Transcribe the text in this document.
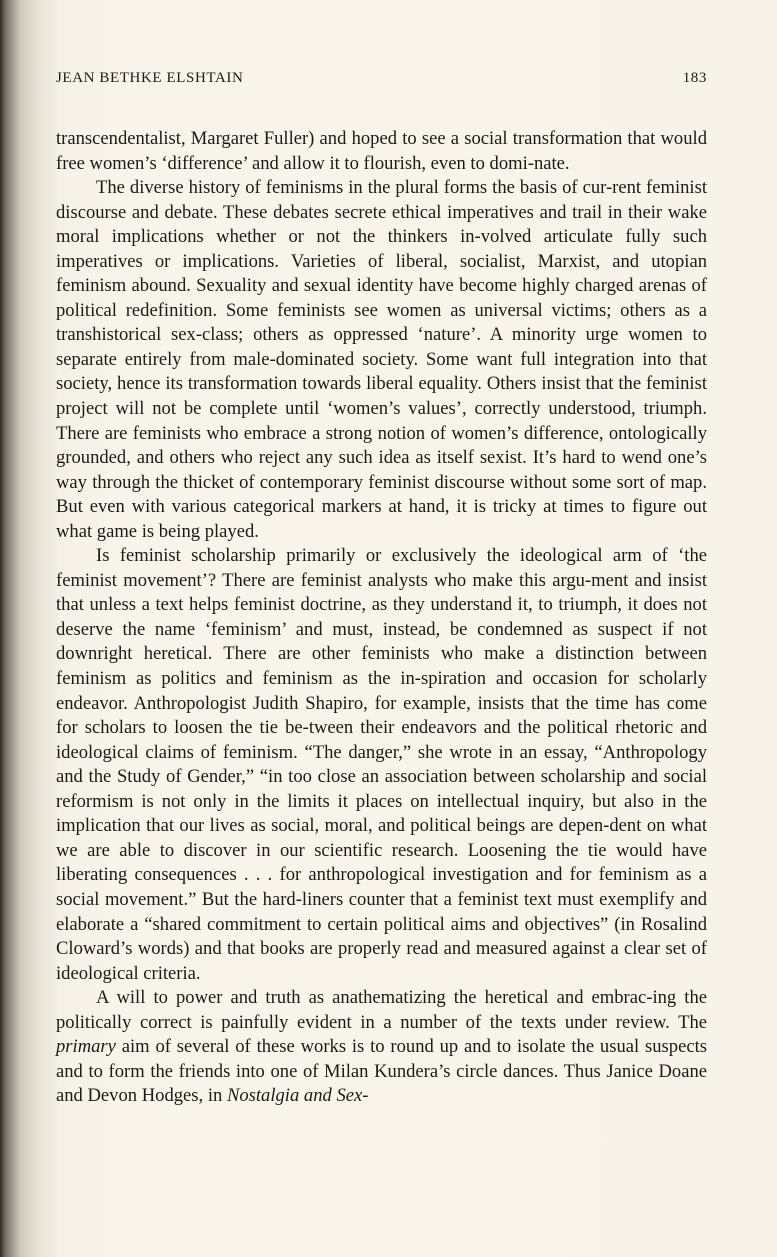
JEAN BETHKE ELSHTAIN	183

transcendentalist, Margaret Fuller) and hoped to see a social transformation that would free women’s ‘difference’ and allow it to flourish, even to domi-nate.

The diverse history of feminisms in the plural forms the basis of cur-rent feminist discourse and debate. These debates secrete ethical imperatives and trail in their wake moral implications whether or not the thinkers in-volved articulate fully such imperatives or implications. Varieties of liberal, socialist, Marxist, and utopian feminism abound. Sexuality and sexual identity have become highly charged arenas of political redefinition. Some feminists see women as universal victims; others as a transhistorical sex-class; others as oppressed ‘nature’. A minority urge women to separate entirely from male-dominated society. Some want full integration into that society, hence its transformation towards liberal equality. Others insist that the feminist project will not be complete until ‘women’s values’, correctly understood, triumph. There are feminists who embrace a strong notion of women’s difference, ontologically grounded, and others who reject any such idea as itself sexist. It’s hard to wend one’s way through the thicket of contemporary feminist discourse without some sort of map. But even with various categorical markers at hand, it is tricky at times to figure out what game is being played.

Is feminist scholarship primarily or exclusively the ideological arm of ‘the feminist movement’? There are feminist analysts who make this argu-ment and insist that unless a text helps feminist doctrine, as they understand it, to triumph, it does not deserve the name ‘feminism’ and must, instead, be condemned as suspect if not downright heretical. There are other feminists who make a distinction between feminism as politics and feminism as the in-spiration and occasion for scholarly endeavor. Anthropologist Judith Shapiro, for example, insists that the time has come for scholars to loosen the tie be-tween their endeavors and the political rhetoric and ideological claims of feminism. “The danger,” she wrote in an essay, “Anthropology and the Study of Gender,” “in too close an association between scholarship and social reformism is not only in the limits it places on intellectual inquiry, but also in the implication that our lives as social, moral, and political beings are depen-dent on what we are able to discover in our scientific research. Loosening the tie would have liberating consequences . . . for anthropological investigation and for feminism as a social movement.” But the hard-liners counter that a feminist text must exemplify and elaborate a “shared commitment to certain political aims and objectives” (in Rosalind Cloward’s words) and that books are properly read and measured against a clear set of ideological criteria.

A will to power and truth as anathematizing the heretical and embrac-ing the politically correct is painfully evident in a number of the texts under review. The primary aim of several of these works is to round up and to isolate the usual suspects and to form the friends into one of Milan Kundera’s circle dances. Thus Janice Doane and Devon Hodges, in Nostalgia and Sex-
